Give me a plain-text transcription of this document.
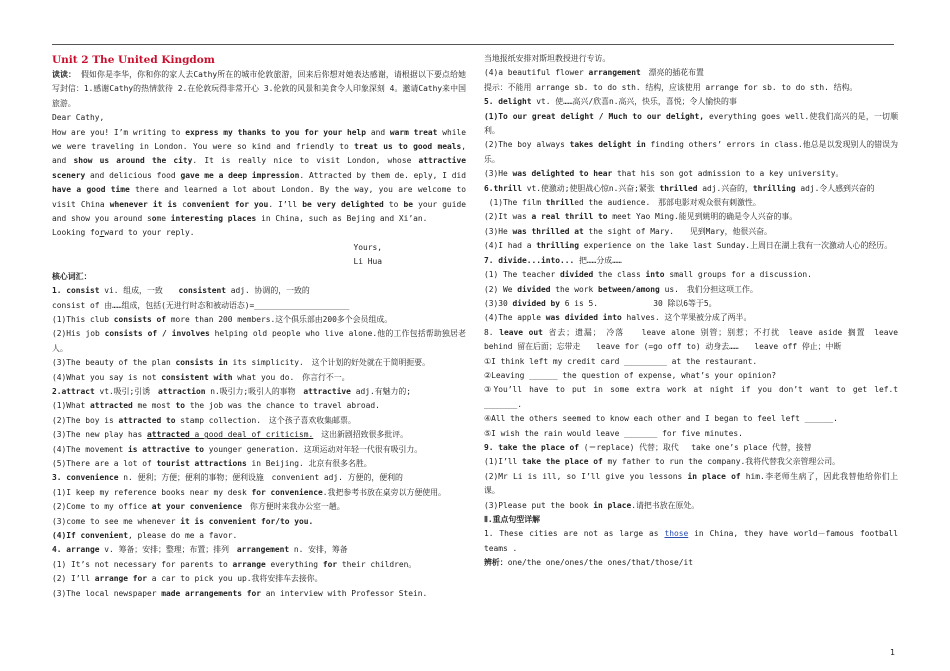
Unit 2 The United Kingdom

读读： 假如你是李华，你和你的家人去Cathy所在的城市伦敦旅游，回来后你想对她表达感谢，请根据以下要点给她写封信：1.感谢Cathy的热情款待 2.在伦敦玩得非常开心 3.伦敦的风景和美食令人印象深刻 4。邀请Cathy来中国旅游。

Dear Cathy,

How are you! I’m writing to express my thanks to you for your help and warm treat while we were traveling in London. You were so kind and friendly to treat us to good meals, and show us around the city. It is really nice to visit London, whose attractive scenery and delicious food gave me a deep impression. Attracted by them de. eply, I did have a good time there and learned a lot about London. By the way, you are welcome to visit China whenever it is convenient for you. I’ll be very delighted to be your guide and show you around some interesting places in China, such as Bejing and Xi’an.

Looking forward to your reply.

Yours,
Li Hua

核心词汇：

1. consist vi. 组成，一致　　consistent adj. 协调的，一致的

consist of 由……组成，包括(无进行时态和被动语态)=____________________

(1)This club consists of more than 200 members.这个俱乐部由200多个会员组成。

(2)His job consists of / involves helping old people who live alone.他的工作包括帮助独居老人。

(3)The beauty of the plan consists in its simplicity.　这个计划的好处就在于简明扼要。

(4)What you say is not consistent with what you do.　你言行不一。

2.attract vt.吸引;引诱　attraction n.吸引力;吸引人的事物　attractive adj.有魅力的;

(1)What attracted me most to the job was the chance to travel abroad.

(2)The boy is attracted to stamp collection.　这个孩子喜欢收集邮票。

(3)The new play has attracted a good deal of criticism.　这出新剧招致很多批评。

(4)The movement is attractive to younger generation. 这项运动对年轻一代很有吸引力。

(5)There are a lot of tourist attractions in Beijing. 北京有很多名胜。

3. convenience n. 便利；方便；便利的事物；便利设施　convenient adj. 方便的，便利的

(1)I keep my reference books near my desk for convenience.我把参考书放在桌旁以方便使用。

(2)Come to my office at your convenience　你方便时来我办公室一趟。

(3)come to see me whenever it is convenient for/to you.

(4)If convenient, please do me a favor.

4. arrange v. 筹备；安排；整理；布置；排列　arrangement n. 安排，筹备

(1) It’s not necessary for parents to arrange everything for their children。

(2) I’ll arrange for a car to pick you up.我将安排车去接你。

(3)The local newspaper made arrangements for an interview with Professor Stein.

当地报纸安排对斯坦教授进行专访。

(4)a beautiful flower arrangement　漂亮的插花布置

提示：不能用 arrange sb. to do sth. 结构，应该使用 arrange for sb. to do sth. 结构。

5. delight vt. 使……高兴/欣喜n.高兴，快乐，喜悦；令人愉快的事

(1)To our great delight / Much to our delight, everything goes well.使我们高兴的是，一切顺利。

(2)The boy always takes delight in finding others’ errors in class.他总是以发现别人的错误为乐。

(3)He was delighted to hear that his son got admission to a key university。

6.thrill vt.使激动;使胆战心惊n.兴奋;紧张 thrilled adj.兴奋的，thrilling adj.令人感到兴奋的

(1)The film thrilled the audience.　那部电影对观众很有刺激性。

(2)It was a real thrill to meet Yao Ming.能见到姚明的确是令人兴奋的事。

(3)He was thrilled at the sight of Mary.　　见到Mary，他很兴奋。

(4)I had a thrilling experience on the lake last Sunday.上周日在湖上我有一次激动人心的经历。

7. divide...into... 把……分成……

(1) The teacher divided the class into small groups for a discussion.

(2) We divided the work between/among us.　我们分担这项工作。

(3)30 divided by 6 is 5.　　　　　　　30 除以6等于5。

(4)The apple was divided into halves. 这个苹果被分成了两半。

8. leave out 省去；遗漏；　冷落　　leave alone 别管；别惹；不打扰　leave aside 搁置　leave behind 留在后面；忘带走　　leave for (=go off to) 动身去……　　leave off 停止；中断

①I think left my credit card _________ at the restaurant.

②Leaving ______ the question of expense, what’s your opinion?

③You’ll have to put in some extra work at night if you don’t want to get lef.t _______.

④All the others seemed to know each other and I began to feel left ______.

⑤I wish the rain would leave _______ for five minutes.

9. take the place of (＝replace) 代替；取代　 take one’s place 代替，接替

(1)I’ll take the place of my father to run the company.我将代替我父亲管理公司。

(2)Mr Li is ill, so I’ll give you lessons in place of him.李老师生病了，因此我替他给你们上课。

(3)Please put the book in place.请把书放在原处。

Ⅱ.重点句型详解

1. These cities are not as large as those in China, they have world－famous football teams .

辨析：one/the one/ones/the ones/that/those/it

1
